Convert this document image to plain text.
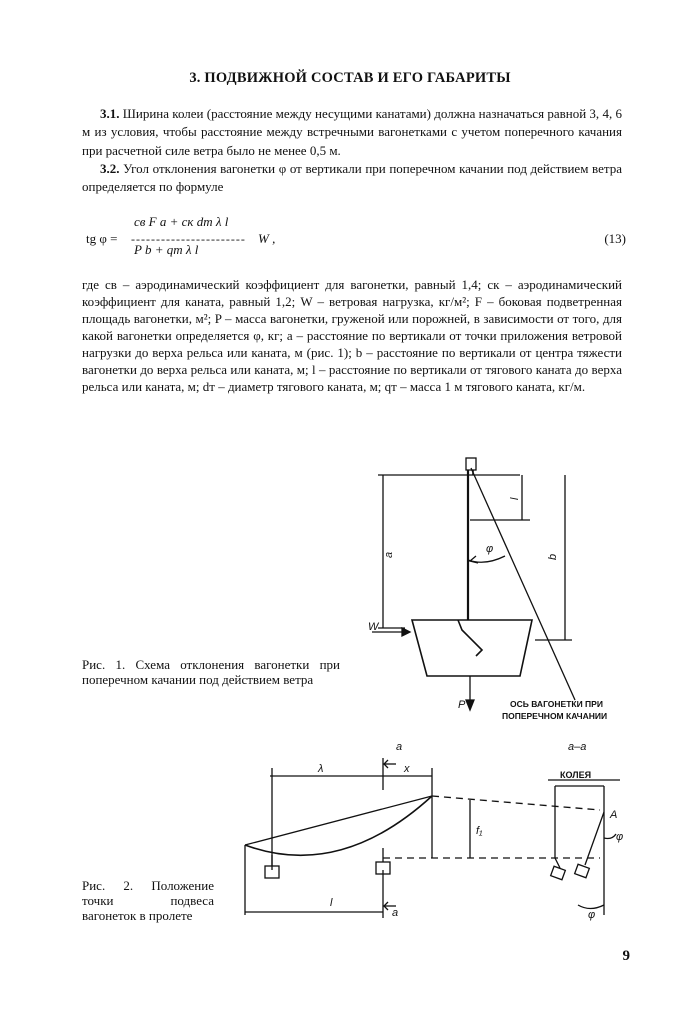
3. ПОДВИЖНОЙ СОСТАВ И ЕГО ГАБАРИТЫ
3.1. Ширина колеи (расстояние между несущими канатами) должна назначаться равной 3, 4, 6 м из условия, чтобы расстояние между встречными вагонетками с учетом поперечного качания при расчетной силе ветра было не менее 0,5 м.
3.2. Угол отклонения вагонетки φ от вертикали при поперечном качании под действием ветра определяется по формуле
tg φ =
cв F a + cк dт λ l
-----------------------
P b + qт λ l
W ,	(13)
где cв – аэродинамический коэффициент для вагонетки, равный 1,4; cк – аэродинамический коэффициент для каната, равный 1,2; W – ветровая нагрузка, кг/м²; F – боковая подветренная площадь вагонетки, м²; P – масса вагонетки, груженой или порожней, в зависимости от того, для какой вагонетки определяется φ, кг; a – расстояние по вертикали от точки приложения ветровой нагрузки до верха рельса или каната, м (рис. 1); b – расстояние по вертикали от центра тяжести вагонетки до верха рельса или каната, м; l – расстояние по вертикали от тягового каната до верха рельса или каната, м; dт – диаметр тягового каната, м; qт – масса 1 м тягового каната, кг/м.
a	b
l
φ
W
P	ОСЬ ВАГОНЕТКИ ПРИ
ПОПЕРЕЧНОМ КАЧАНИИ
Рис. 1. Схема отклонения вагонетки при поперечном качании под действием ветра
a
λ	x
f₁
l
a
a–a
КОЛЕЯ
A
φ
φ
Рис. 2. Положение точки подвеса вагонеток в пролете
9
